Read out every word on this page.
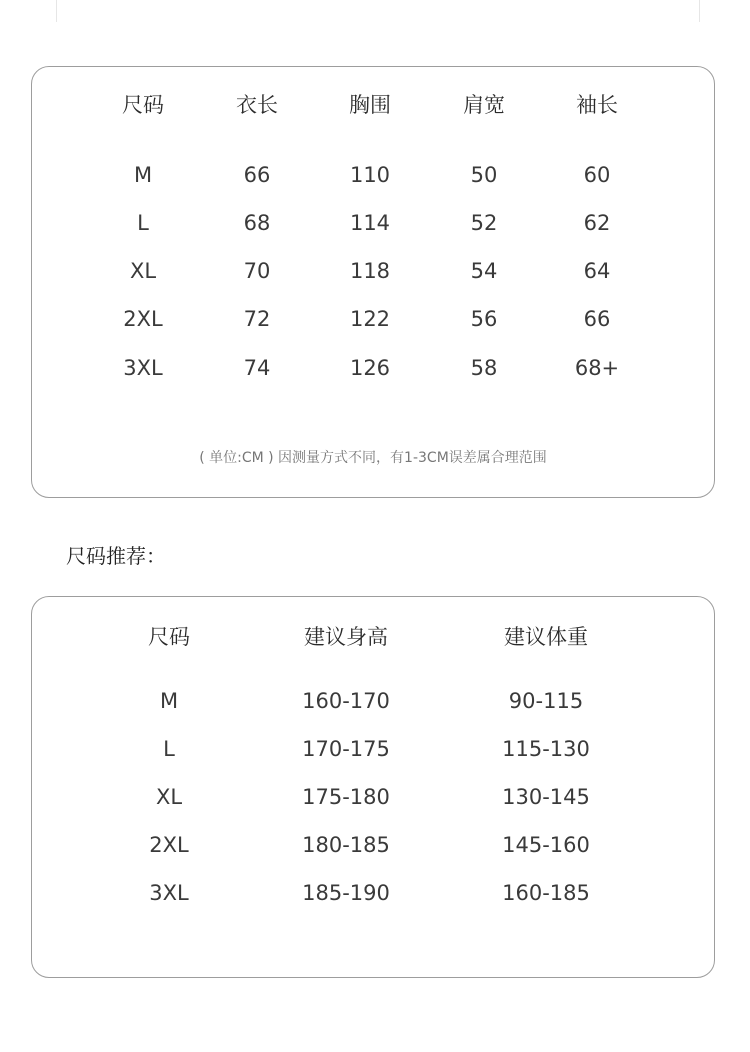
尺码	衣长	胸围	肩宽	袖长
M	66	110	50	60
L	68	114	52	62
XL	70	118	54	64
2XL	72	122	56	66
3XL	74	126	58	68+
( 单位:CM ) 因测量方式不同，有1-3CM误差属合理范围
尺码推荐：
尺码	建议身高	建议体重
M	160-170	90-115
L	170-175	115-130
XL	175-180	130-145
2XL	180-185	145-160
3XL	185-190	160-185
